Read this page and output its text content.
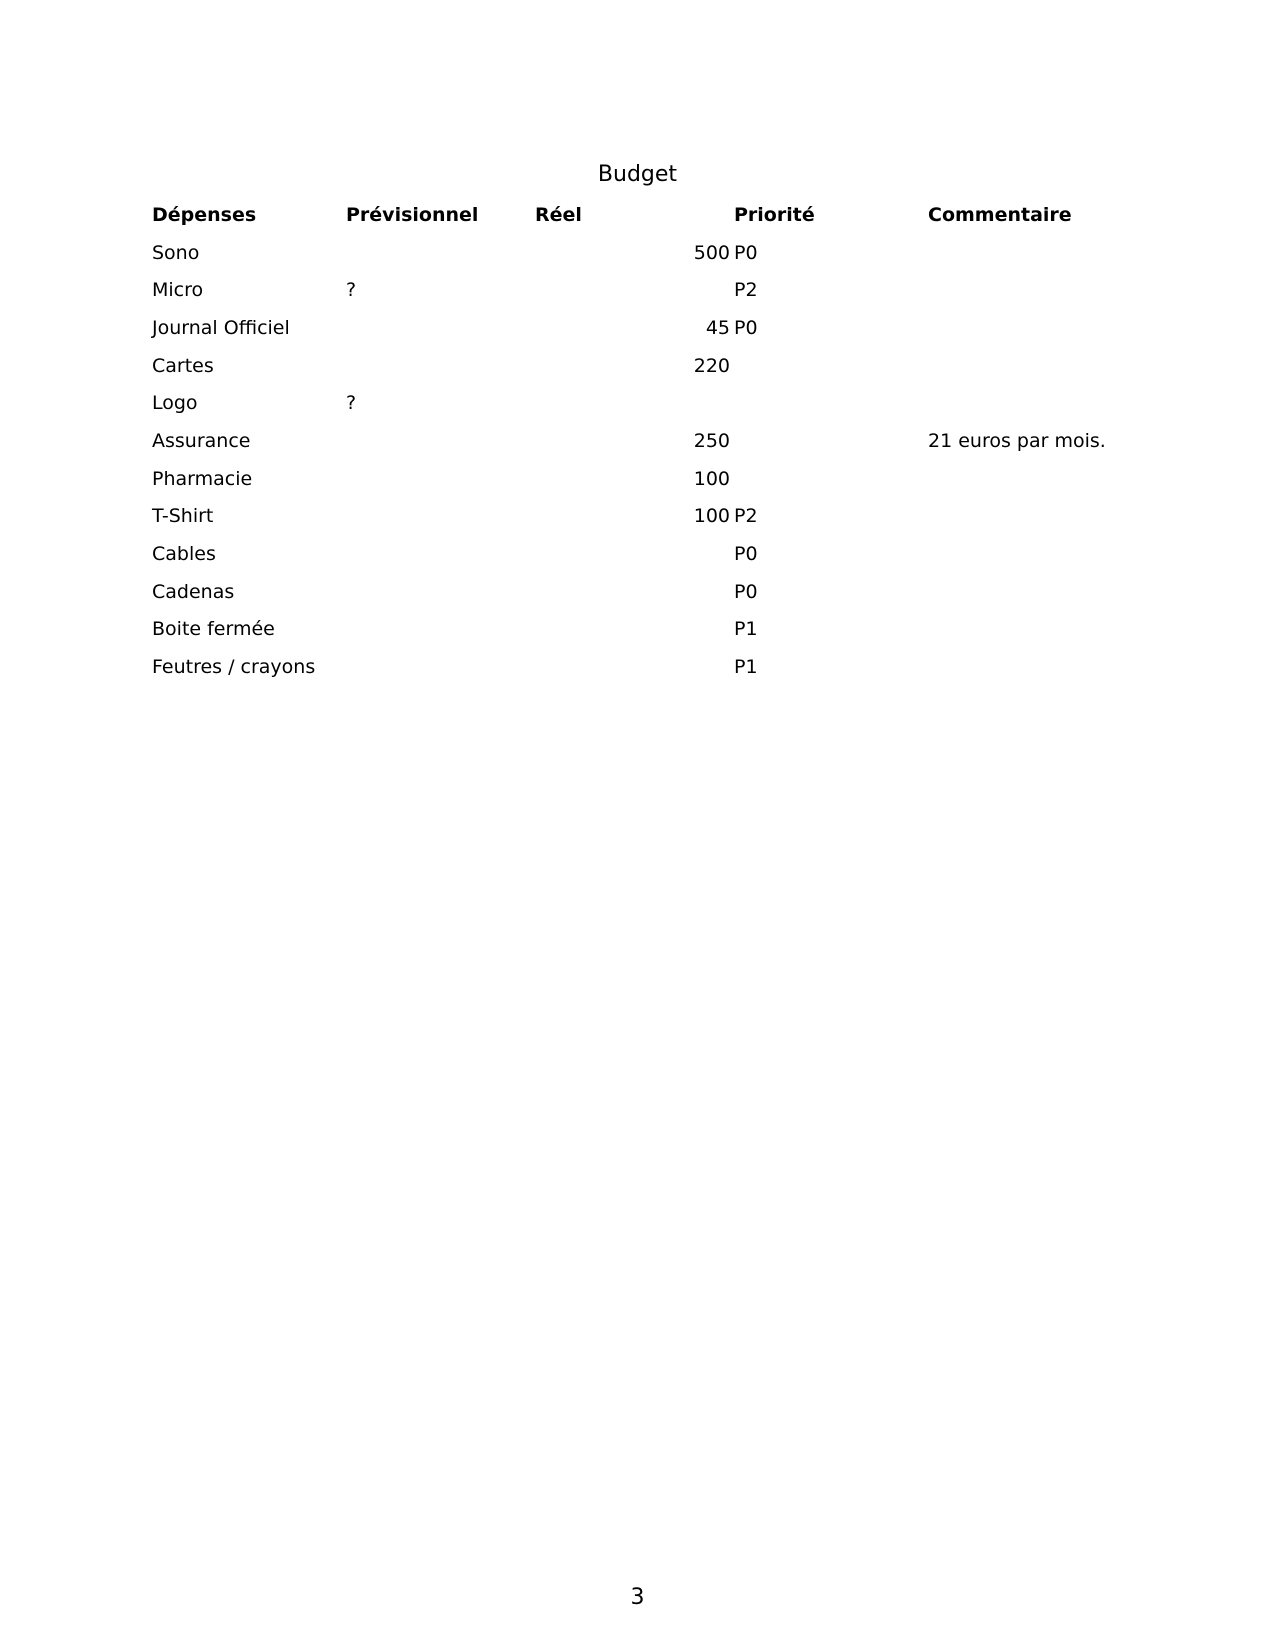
Budget
Dépenses	Prévisionnel	Réel	Priorité	Commentaire
Sono		500	P0	
Micro	?		P2	
Journal Officiel		45	P0	
Cartes		220		

Logo	?	

Assurance		250		21 euros par mois.
Pharmacie		100		

T-Shirt		100	P2	
Cables			P0	
Cadenas			P0	
Boite fermée			P1	
Feutres / crayons			P1	
3
